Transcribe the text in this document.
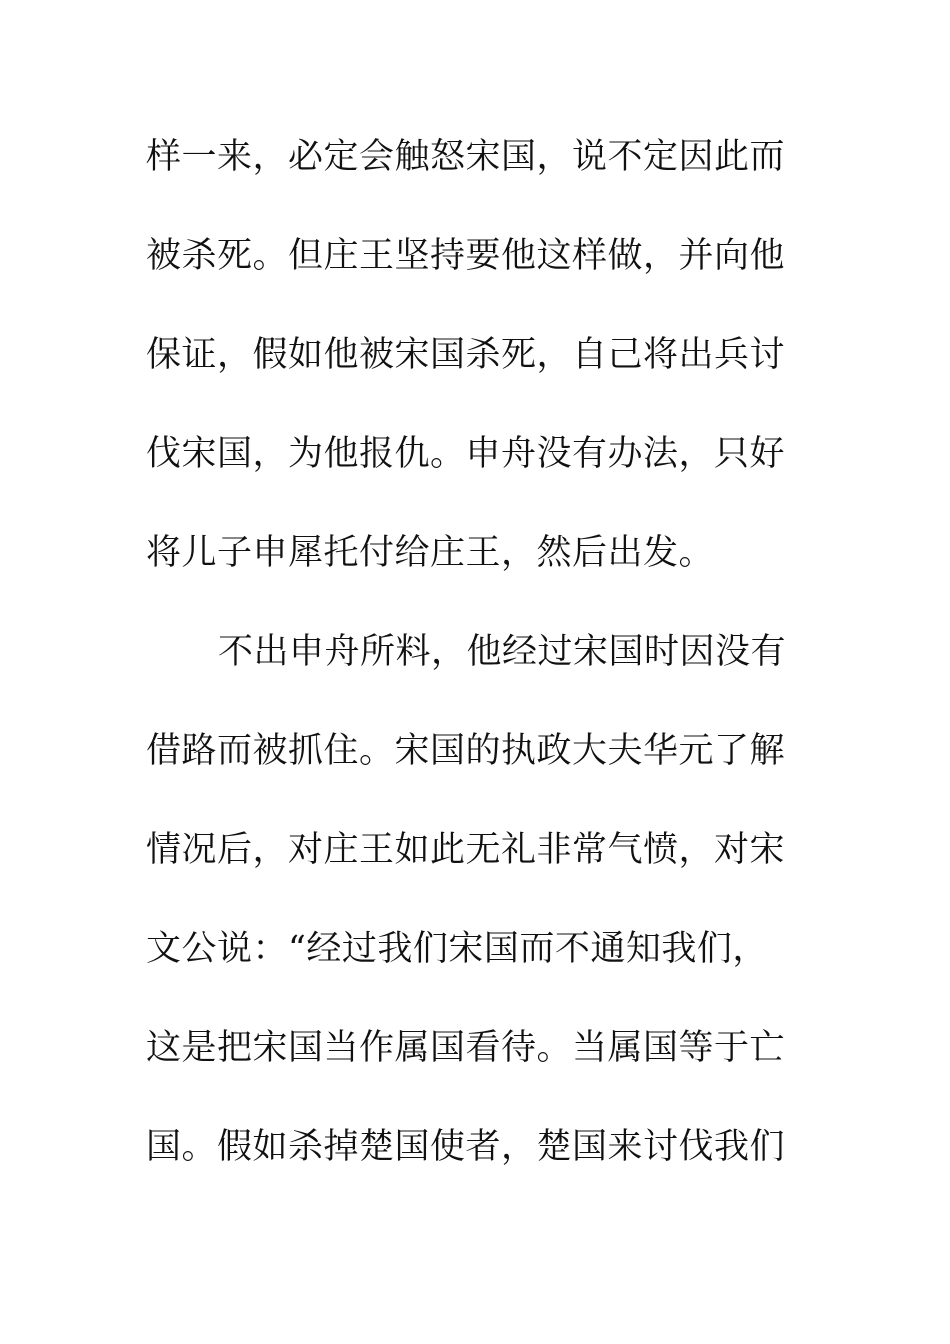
样一来，必定会触怒宋国，说不定因此而
被杀死。但庄王坚持要他这样做，并向他
保证，假如他被宋国杀死，自己将出兵讨
伐宋国，为他报仇。申舟没有办法，只好
将儿子申犀托付给庄王，然后出发。
不出申舟所料，他经过宋国时因没有
借路而被抓住。宋国的执政大夫华元了解
情况后，对庄王如此无礼非常气愤，对宋
文公说：“经过我们宋国而不通知我们，
这是把宋国当作属国看待。当属国等于亡
国。假如杀掉楚国使者，楚国来讨伐我们
